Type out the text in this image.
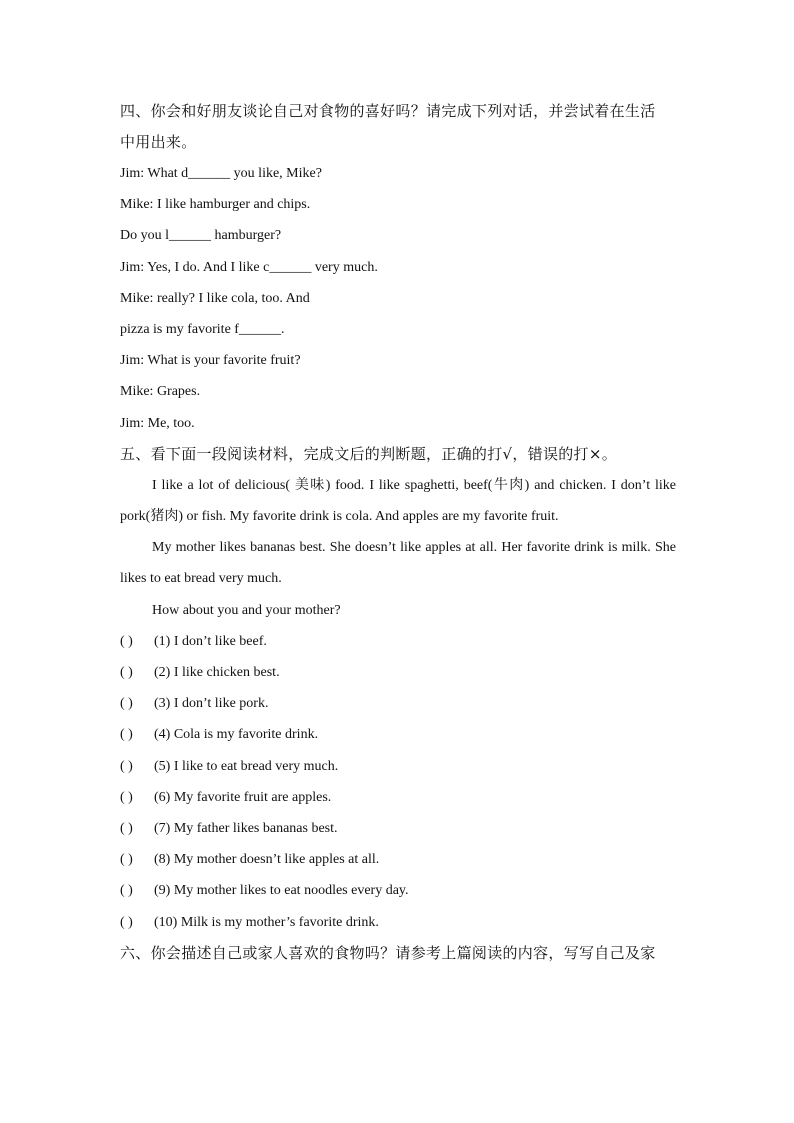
四、你会和好朋友谈论自己对食物的喜好吗？请完成下列对话，并尝试着在生活

中用出来。

Jim: What d______ you like, Mike?

Mike: I like hamburger and chips.

Do you l______ hamburger?

Jim: Yes, I do. And I like c______ very much.

Mike: really? I like cola, too. And

pizza is my favorite f______.

Jim: What is your favorite fruit?

Mike: Grapes.

Jim: Me, too.

五、看下面一段阅读材料，完成文后的判断题，正确的打√，错误的打×。

I like a lot of delicious( 美味) food. I like spaghetti, beef(牛肉) and chicken. I don’t like pork(猪肉) or fish. My favorite drink is cola. And apples are my favorite fruit.

My mother likes bananas best. She doesn’t like apples at all. Her favorite drink is milk. She likes to eat bread very much.

How about you and your mother?

( ) (1) I don’t like beef.

( ) (2) I like chicken best.

( ) (3) I don’t like pork.

( ) (4) Cola is my favorite drink.

( ) (5) I like to eat bread very much.

( ) (6) My favorite fruit are apples.

( ) (7) My father likes bananas best.

( ) (8) My mother doesn’t like apples at all.

( ) (9) My mother likes to eat noodles every day.

( ) (10) Milk is my mother’s favorite drink.

六、你会描述自己或家人喜欢的食物吗？请参考上篇阅读的内容，写写自己及家
